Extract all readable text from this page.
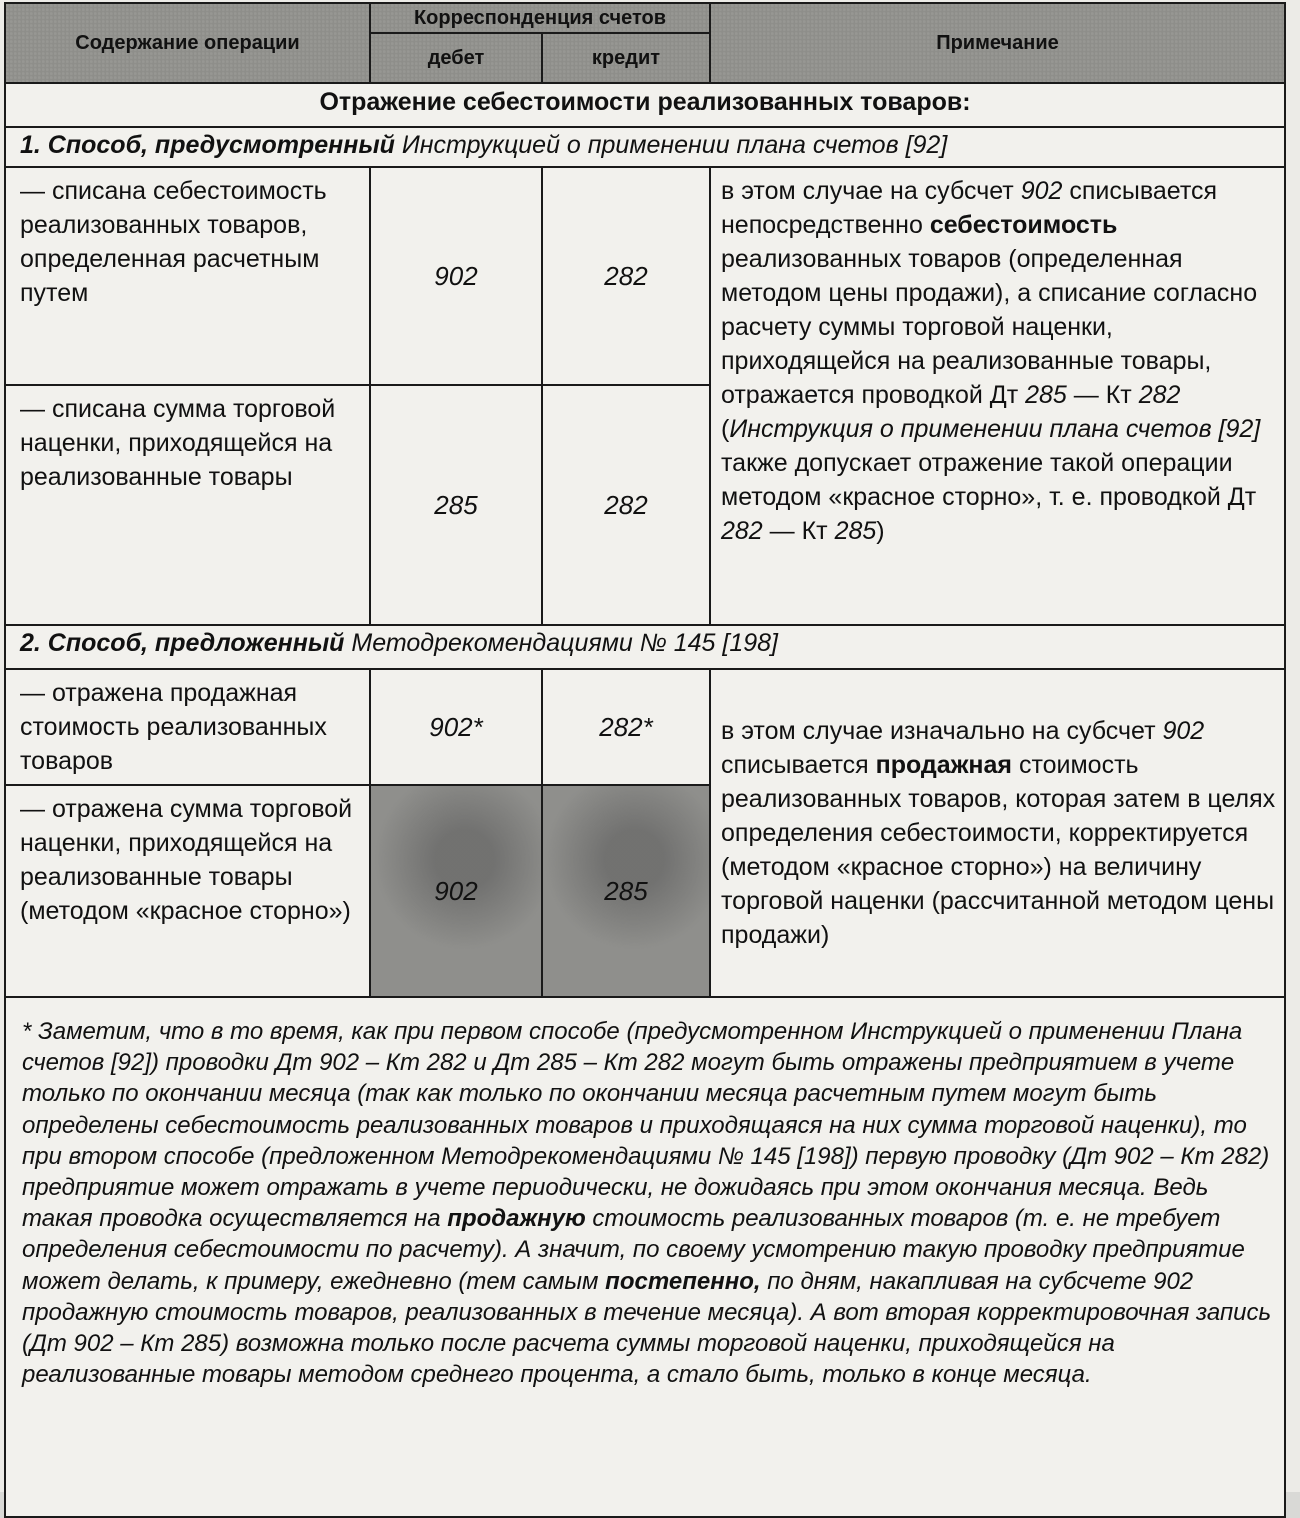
Содержание операции	Корреспонденция счетов		Примечание
	дебет	кредит	
Отражение себестоимости реализованных товаров:			
1. Способ, предусмотренный Инструкцией о применении плана счетов [92]			
— списана себестоимость реализованных товаров, определенная расчетным путем	902	282	в этом случае на субсчет 902 списывается непосредственно себестоимость реализованных товаров (определенная методом цены продажи), а списание согласно расчету суммы торговой наценки, приходящейся на реализованные товары, отражается проводкой Дт 285 — Кт 282 (Инструкция о применении плана счетов [92] также допускает отражение такой операции методом «красное сторно», т. е. проводкой Дт 282 — Кт 285)
— списана сумма торговой наценки, приходящейся на реализованные товары	285	282	
2. Способ, предложенный Методрекомендациями № 145 [198]			
— отражена продажная стоимость реализованных товаров	902*	282*	в этом случае изначально на субсчет 902 списывается продажная стоимость реализованных товаров, которая затем в целях определения себестоимости, корректируется (методом «красное сторно») на величину торговой наценки (рассчитанной методом цены продажи)
— отражена сумма торговой наценки, приходящейся на реализованные товары (методом «красное сторно»)	902	285	
* Заметим, что в то время, как при первом способе (предусмотренном Инструкцией о применении Плана счетов [92]) проводки Дт 902 – Кт 282 и Дт 285 – Кт 282 могут быть отражены предприятием в учете только по окончании месяца (так как только по окончании месяца расчетным путем могут быть определены себестоимость реализованных товаров и приходящаяся на них сумма торговой наценки), то при втором способе (предложенном Методрекомендациями № 145 [198]) первую проводку (Дт 902 – Кт 282) предприятие может отражать в учете периодически, не дожидаясь при этом окончания месяца. Ведь такая проводка осуществляется на продажную стоимость реализованных товаров (т. е. не требует определения себестоимости по расчету). А значит, по своему усмотрению такую проводку предприятие может делать, к примеру, ежедневно (тем самым постепенно, по дням, накапливая на субсчете 902 продажную стоимость товаров, реализованных в течение месяца). А вот вторая корректировочная запись (Дт 902 – Кт 285) возможна только после расчета суммы торговой наценки, приходящейся на реализованные товары методом среднего процента, а стало быть, только в конце месяца.			
